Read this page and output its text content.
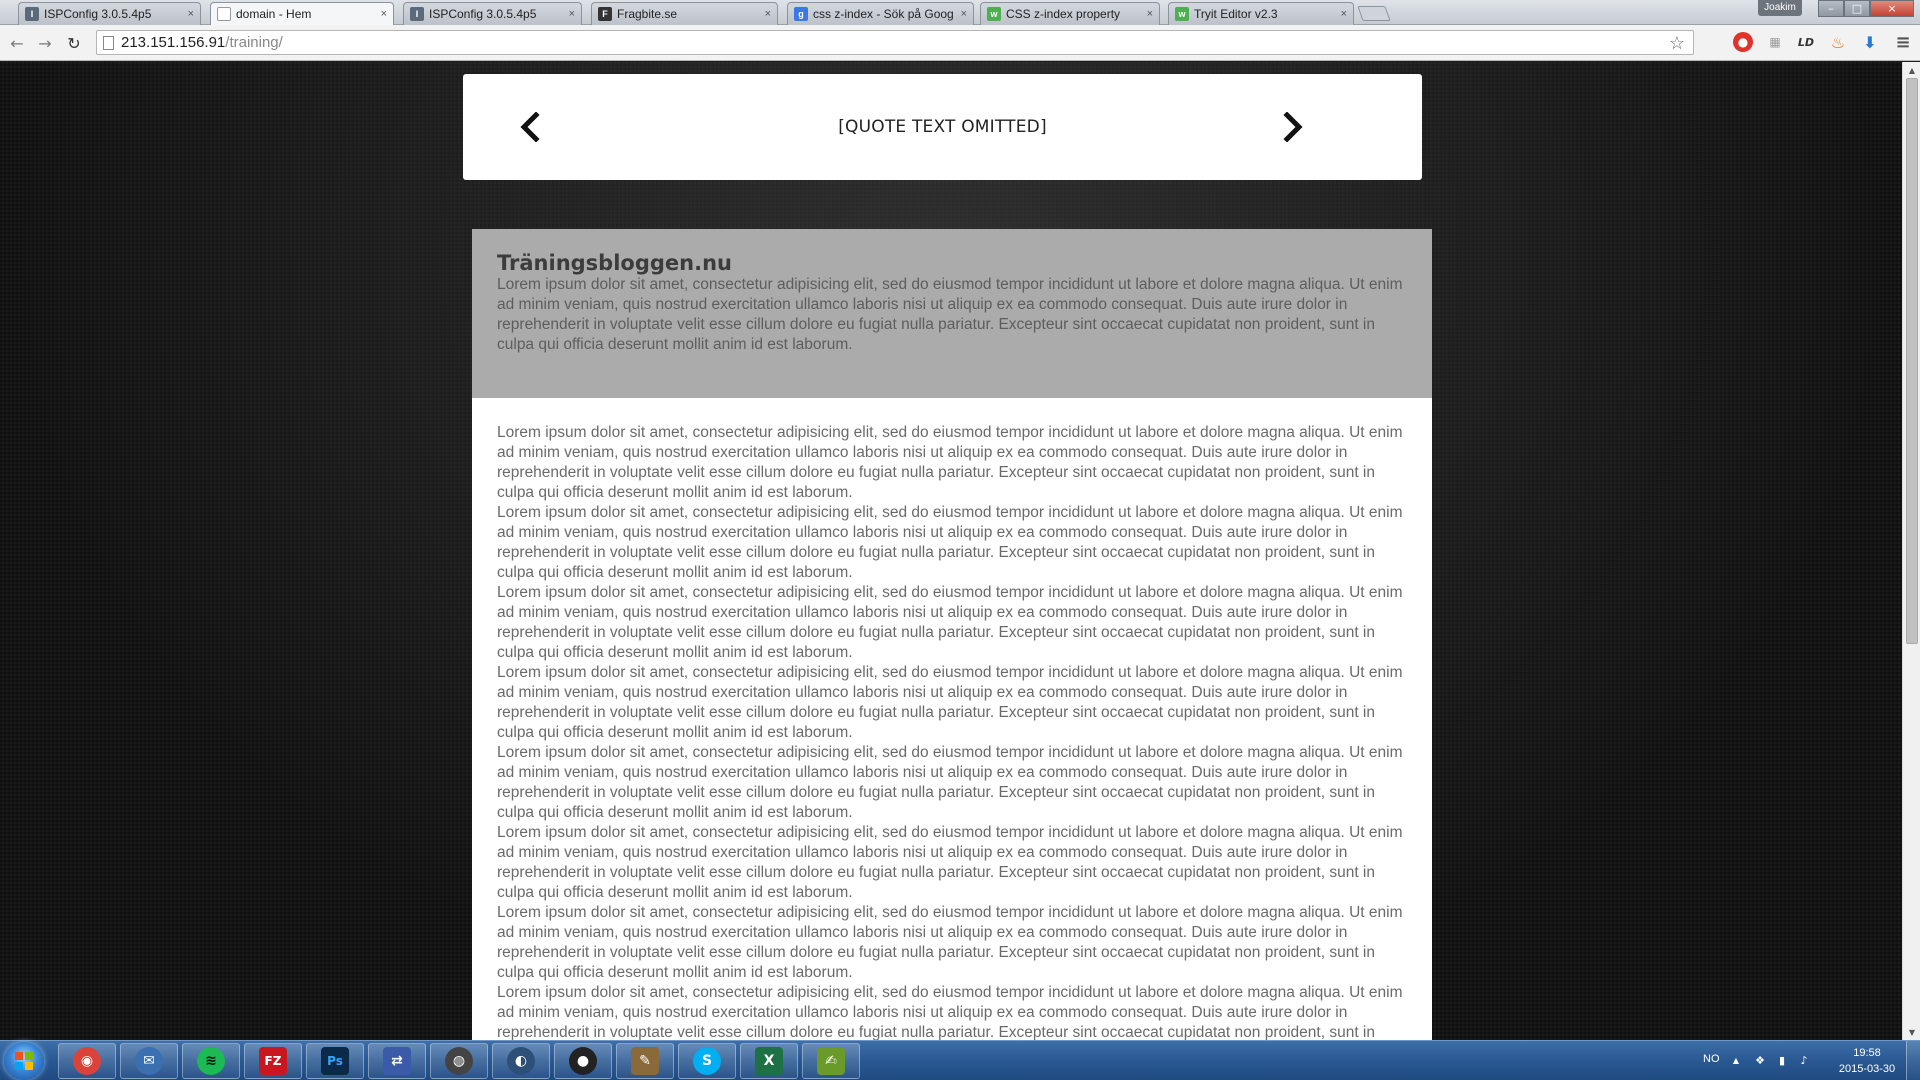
I ISPConfig 3.0.5.4p5	×	domain - Hem	×	I ISPConfig 3.0.5.4p5	×	F Fragbite.se	×	g css z-index - Sök på Goog ×	w CSS z-index property	×	w Tryit Editor v2.3	×
Joakim	–	□	×
← → ↻	213.151.156.91 /training/	☆	●	▦	LD ♨ ⬇ ≡
[QUOTE TEXT OMITTED]
Träningsbloggen.nu

Lorem ipsum dolor sit amet, consectetur adipisicing elit, sed do eiusmod tempor incididunt ut labore et dolore magna aliqua. Ut enim ad minim veniam, quis nostrud exercitation ullamco laboris nisi ut aliquip ex ea commodo consequat. Duis aute irure dolor in reprehenderit in voluptate velit esse cillum dolore eu fugiat nulla pariatur. Excepteur sint occaecat cupidatat non proident, sunt in culpa qui officia deserunt mollit anim id est laborum.

Lorem ipsum dolor sit amet, consectetur adipisicing elit, sed do eiusmod tempor incididunt ut labore et dolore magna aliqua. Ut enim ad minim veniam, quis nostrud exercitation ullamco laboris nisi ut aliquip ex ea commodo consequat. Duis aute irure dolor in reprehenderit in voluptate velit esse cillum dolore eu fugiat nulla pariatur. Excepteur sint occaecat cupidatat non proident, sunt in culpa qui officia deserunt mollit anim id est laborum.

Lorem ipsum dolor sit amet, consectetur adipisicing elit, sed do eiusmod tempor incididunt ut labore et dolore magna aliqua. Ut enim ad minim veniam, quis nostrud exercitation ullamco laboris nisi ut aliquip ex ea commodo consequat. Duis aute irure dolor in reprehenderit in voluptate velit esse cillum dolore eu fugiat nulla pariatur. Excepteur sint occaecat cupidatat non proident, sunt in culpa qui officia deserunt mollit anim id est laborum.

Lorem ipsum dolor sit amet, consectetur adipisicing elit, sed do eiusmod tempor incididunt ut labore et dolore magna aliqua. Ut enim ad minim veniam, quis nostrud exercitation ullamco laboris nisi ut aliquip ex ea commodo consequat. Duis aute irure dolor in reprehenderit in voluptate velit esse cillum dolore eu fugiat nulla pariatur. Excepteur sint occaecat cupidatat non proident, sunt in culpa qui officia deserunt mollit anim id est laborum.

Lorem ipsum dolor sit amet, consectetur adipisicing elit, sed do eiusmod tempor incididunt ut labore et dolore magna aliqua. Ut enim ad minim veniam, quis nostrud exercitation ullamco laboris nisi ut aliquip ex ea commodo consequat. Duis aute irure dolor in reprehenderit in voluptate velit esse cillum dolore eu fugiat nulla pariatur. Excepteur sint occaecat cupidatat non proident, sunt in culpa qui officia deserunt mollit anim id est laborum.

Lorem ipsum dolor sit amet, consectetur adipisicing elit, sed do eiusmod tempor incididunt ut labore et dolore magna aliqua. Ut enim ad minim veniam, quis nostrud exercitation ullamco laboris nisi ut aliquip ex ea commodo consequat. Duis aute irure dolor in reprehenderit in voluptate velit esse cillum dolore eu fugiat nulla pariatur. Excepteur sint occaecat cupidatat non proident, sunt in culpa qui officia deserunt mollit anim id est laborum.

Lorem ipsum dolor sit amet, consectetur adipisicing elit, sed do eiusmod tempor incididunt ut labore et dolore magna aliqua. Ut enim ad minim veniam, quis nostrud exercitation ullamco laboris nisi ut aliquip ex ea commodo consequat. Duis aute irure dolor in reprehenderit in voluptate velit esse cillum dolore eu fugiat nulla pariatur. Excepteur sint occaecat cupidatat non proident, sunt in culpa qui officia deserunt mollit anim id est laborum.

Lorem ipsum dolor sit amet, consectetur adipisicing elit, sed do eiusmod tempor incididunt ut labore et dolore magna aliqua. Ut enim ad minim veniam, quis nostrud exercitation ullamco laboris nisi ut aliquip ex ea commodo consequat. Duis aute irure dolor in reprehenderit in voluptate velit esse cillum dolore eu fugiat nulla pariatur. Excepteur sint occaecat cupidatat non proident, sunt in culpa qui officia deserunt mollit anim id est laborum.

Lorem ipsum dolor sit amet, consectetur adipisicing elit, sed do eiusmod tempor incididunt ut labore et dolore magna aliqua. Ut enim ad minim veniam, quis nostrud exercitation ullamco laboris nisi ut aliquip ex ea commodo consequat. Duis aute irure dolor in reprehenderit in voluptate velit esse cillum dolore eu fugiat nulla pariatur. Excepteur sint occaecat cupidatat non proident, sunt in

▲
▼
◉	✉	≋	FZ	Ps	⇄	◍	◐	●	✎	S	X	✍	NO	▲	❖	▮	♪
19:58
2015-03-30
